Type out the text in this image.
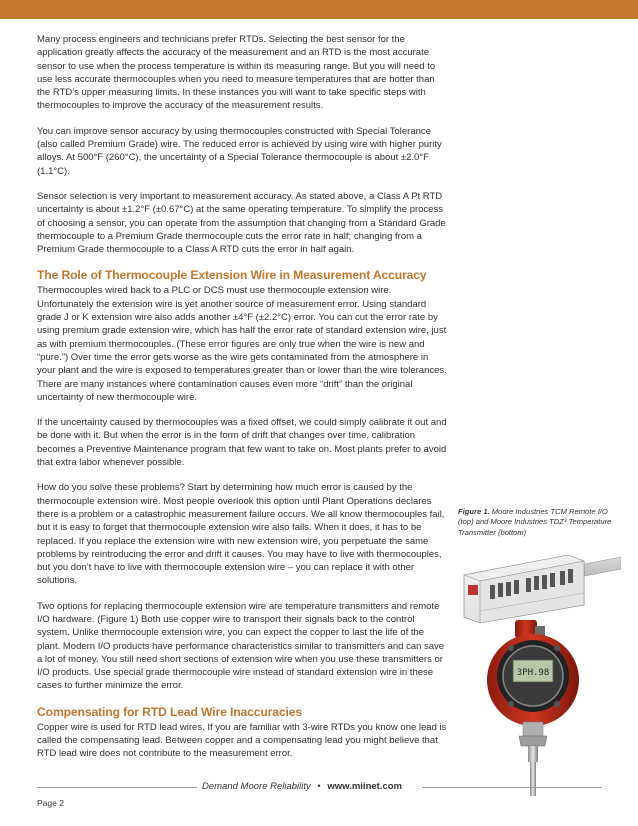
Many process engineers and technicians prefer RTDs. Selecting the best sensor for the application greatly affects the accuracy of the measurement and an RTD is the most accurate sensor to use when the process temperature is within its measuring range. But you will need to use less accurate thermocouples when you need to measure temperatures that are hotter than the RTD’s upper measuring limits. In these instances you will want to take specific steps with thermocouples to improve the accuracy of the measurement results.

You can improve sensor accuracy by using thermocouples constructed with Special Tolerance (also called Premium Grade) wire. The reduced error is achieved by using wire with higher purity alloys. At 500°F (260°C), the uncertainty of a Special Tolerance thermocouple is about ±2.0°F (1.1°C).

Sensor selection is very important to measurement accuracy. As stated above, a Class A Pt RTD uncertainty is about ±1.2°F (±0.67°C) at the same operating temperature. To simplify the process of choosing a sensor, you can operate from the assumption that changing from a Standard Grade thermocouple to a Premium Grade thermocouple cuts the error rate in half; changing from a Premium Grade thermocouple to a Class A RTD cuts the error in half again.

The Role of Thermocouple Extension Wire in Measurement Accuracy

Thermocouples wired back to a PLC or DCS must use thermocouple extension wire. Unfortunately the extension wire is yet another source of measurement error. Using standard grade J or K extension wire also adds another ±4°F (±2.2°C) error. You can cut the error rate by using premium grade extension wire, which has half the error rate of standard extension wire, just as with premium thermocouples. (These error figures are only true when the wire is new and “pure.”) Over time the error gets worse as the wire gets contaminated from the atmosphere in your plant and the wire is exposed to temperatures greater than or lower than the wire tolerances. There are many instances where contamination causes even more “drift” than the original uncertainty of new thermocouple wire.

If the uncertainty caused by thermocouples was a fixed offset, we could simply calibrate it out and be done with it. But when the error is in the form of drift that changes over time, calibration becomes a Preventive Maintenance program that few want to take on. Most plants prefer to avoid that extra labor whenever possible.

How do you solve these problems? Start by determining how much error is caused by the thermocouple extension wire. Most people overlook this option until Plant Operations declares there is a problem or a catastrophic measurement failure occurs. We all know thermocouples fail, but it is easy to forget that thermocouple extension wire also fails. When it does, it has to be replaced. If you replace the extension wire with new extension wire, you perpetuate the same problems by reintroducing the error and drift it causes. You may have to live with thermocouples, but you don’t have to live with thermocouple extension wire – you can replace it with other solutions.

Two options for replacing thermocouple extension wire are temperature transmitters and remote I/O hardware. (Figure 1) Both use copper wire to transport their signals back to the control system. Unlike thermocouple extension wire, you can expect the copper to last the life of the plant. Modern I/O products have performance characteristics similar to transmitters and can save a lot of money. You still need short sections of extension wire when you use these transmitters or I/O products. Use special grade thermocouple wire instead of standard extension wire in these cases to further minimize the error.

Compensating for RTD Lead Wire Inaccuracies

Copper wire is used for RTD lead wires. If you are familiar with 3-wire RTDs you know one lead is called the compensating lead. Between copper and a compensating lead you might believe that RTD lead wire does not contribute to the measurement error.

Figure 1. Moore Industries TCM Remote I/O (top) and Moore Industries TDZ³ Temperature Transmitter (bottom)
3PH.98
Demand Moore Reliability • www.miinet.com
Page 2
